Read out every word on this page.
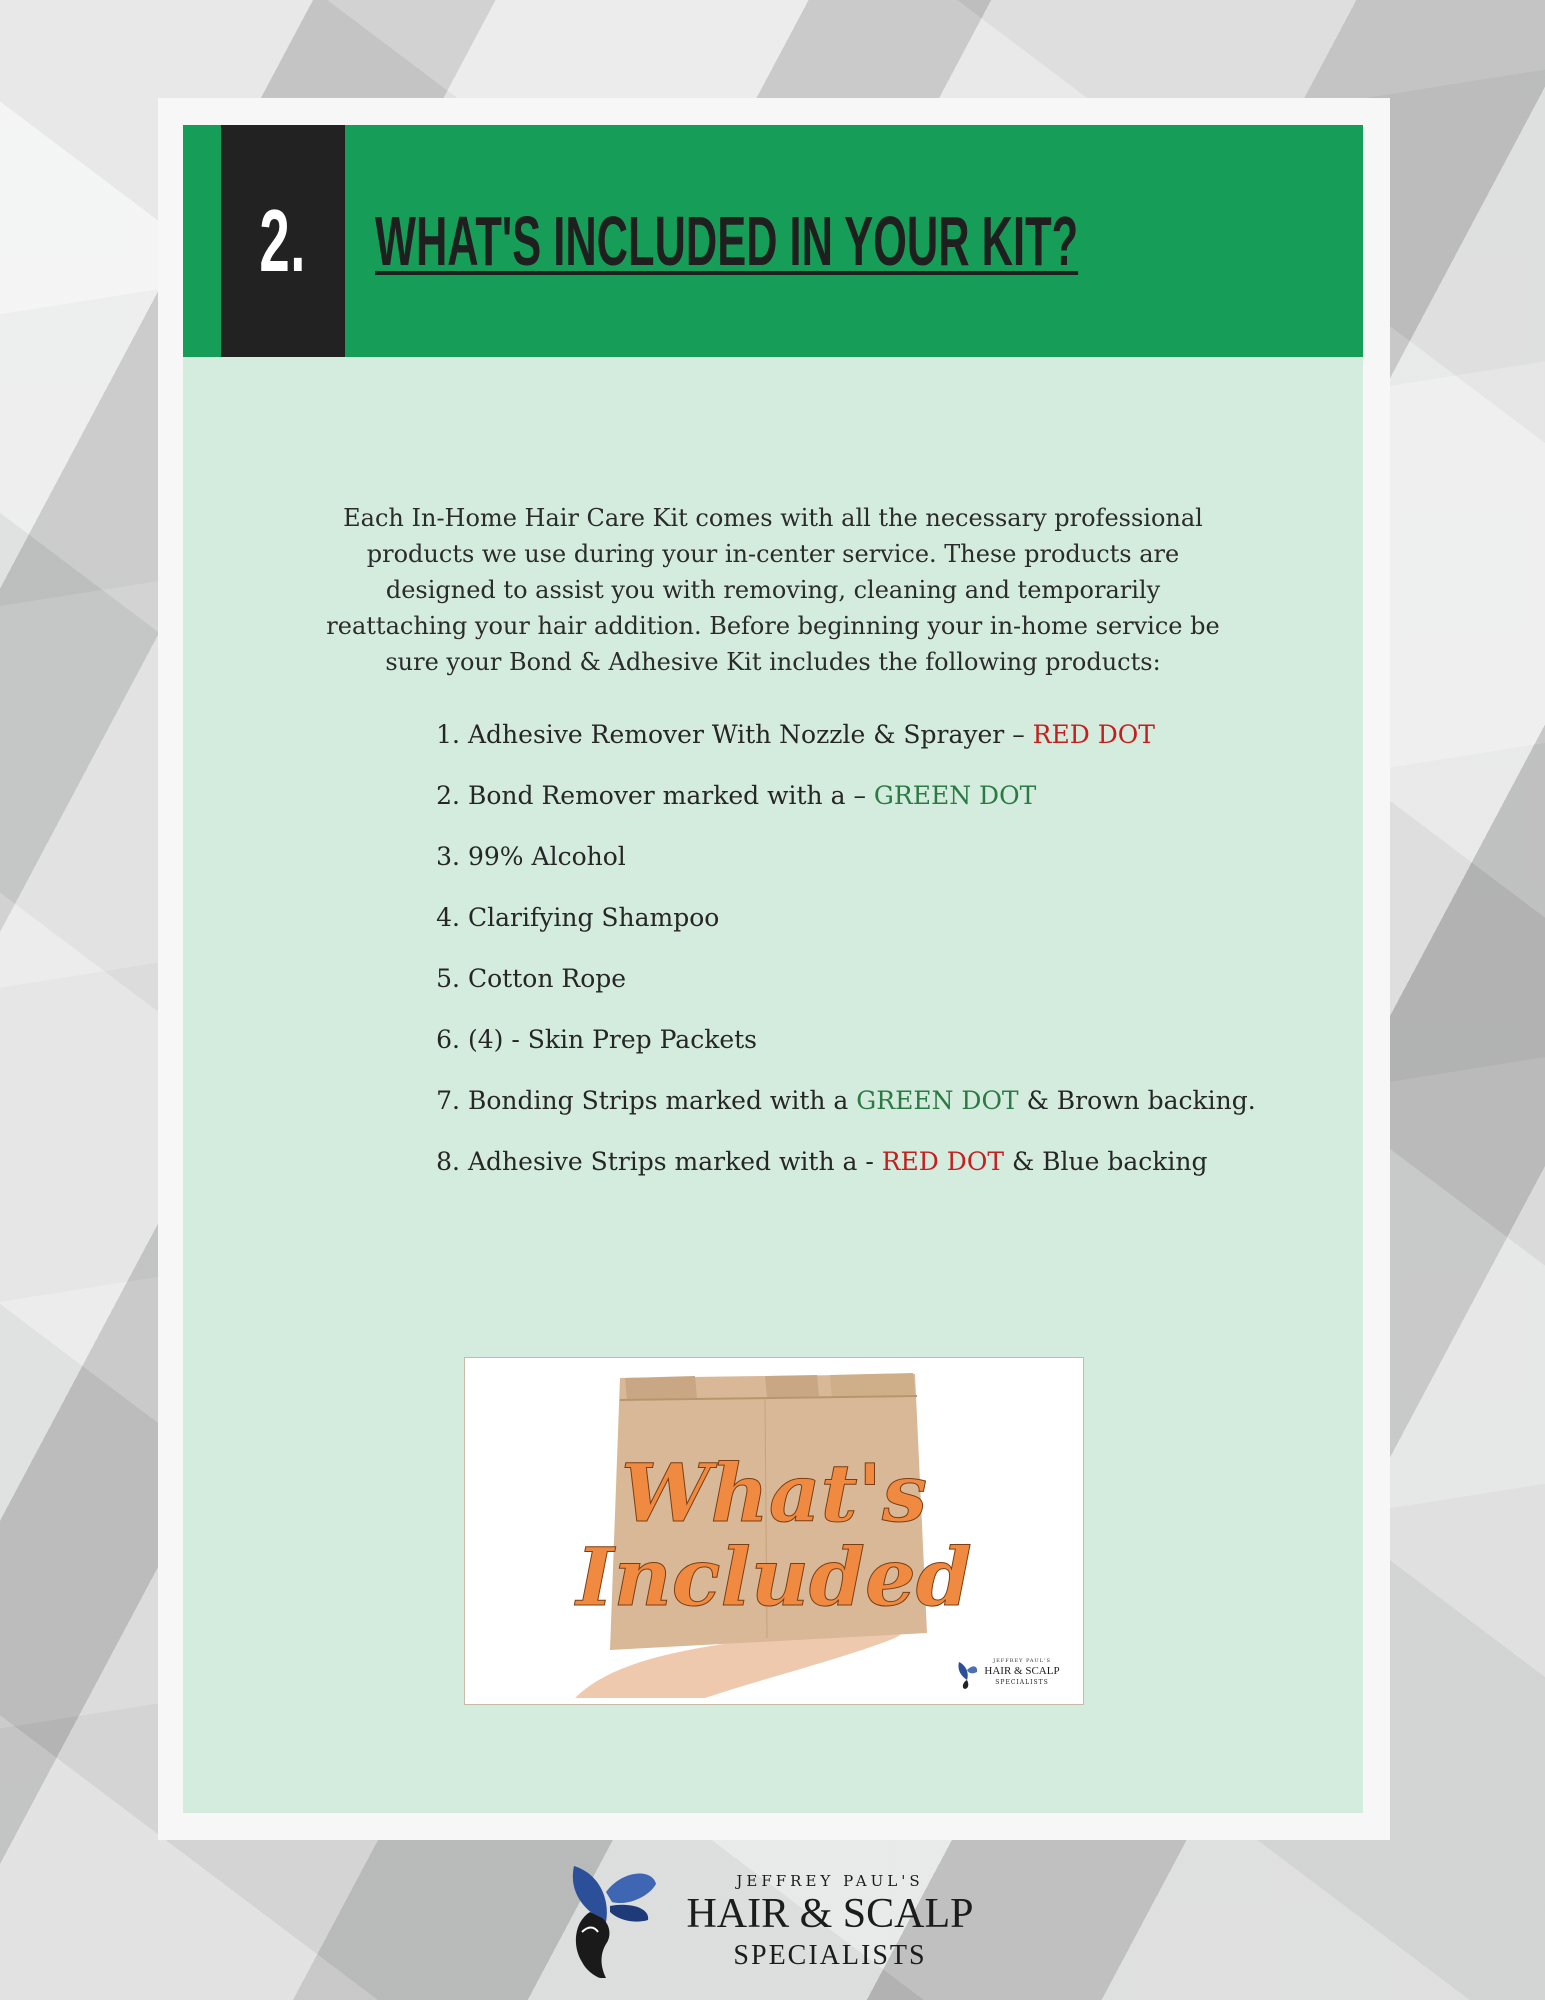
2. WHAT'S INCLUDED IN YOUR KIT?

Each In-Home Hair Care Kit comes with all the necessary professional products we use during your in-center service. These products are designed to assist you with removing, cleaning and temporarily reattaching your hair addition. Before beginning your in-home service be sure your Bond & Adhesive Kit includes the following products:

1. Adhesive Remover With Nozzle & Sprayer – RED DOT
2. Bond Remover marked with a – GREEN DOT
3. 99% Alcohol
4. Clarifying Shampoo
5. Cotton Rope
6. (4) - Skin Prep Packets
7. Bonding Strips marked with a GREEN DOT & Brown backing.
8. Adhesive Strips marked with a - RED DOT & Blue backing
What's
Included
JEFFREY PAUL'S
HAIR & SCALP
SPECIALISTS
JEFFREY PAUL'S
HAIR & SCALP
SPECIALISTS
